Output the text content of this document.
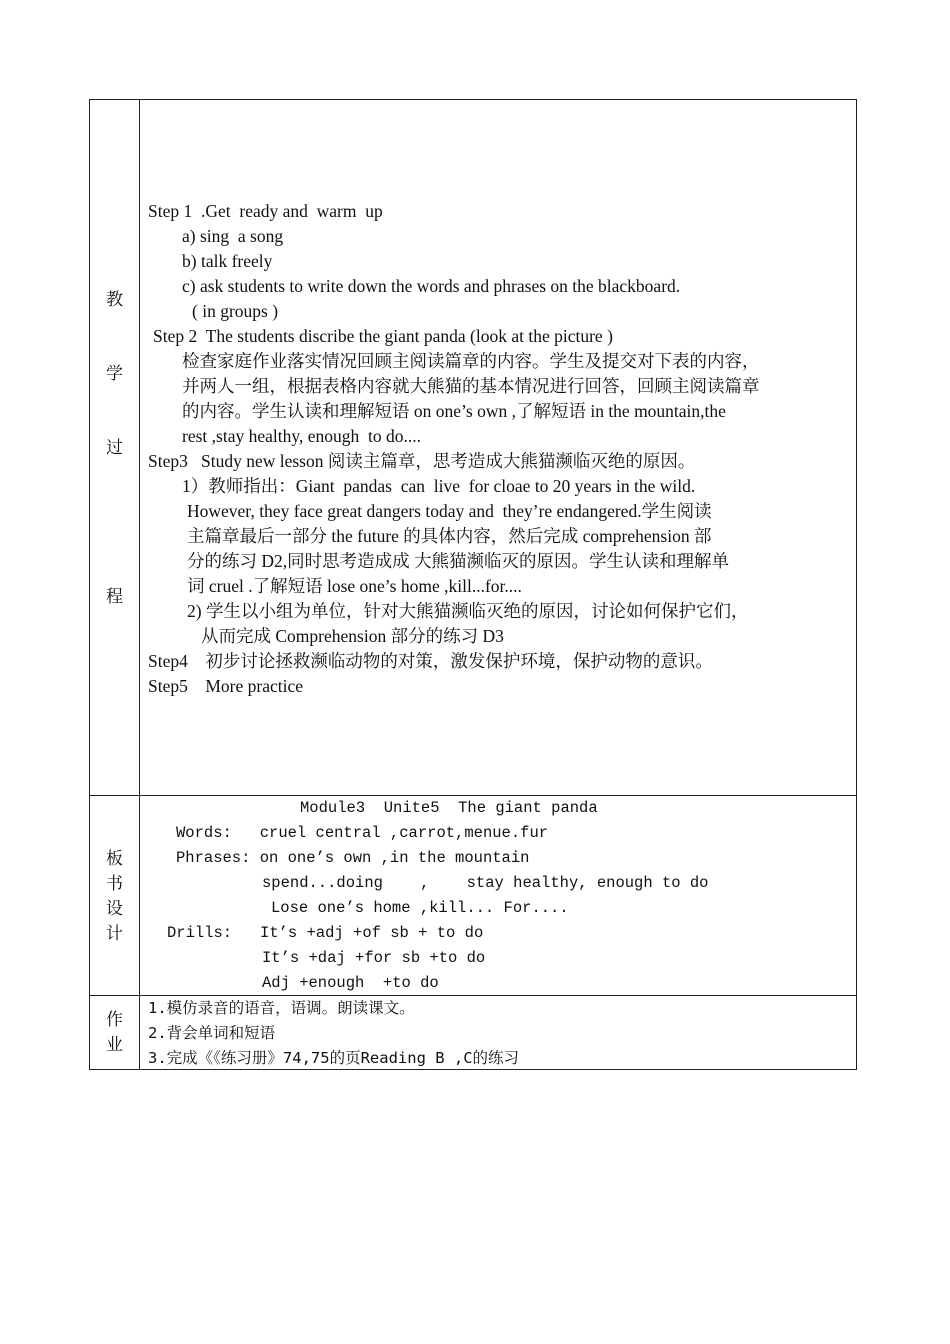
教
学
过
程
Step 1  .Get  ready and  warm  up
a) sing  a song
b) talk freely
c) ask students to write down the words and phrases on the blackboard.
( in groups )
Step 2  The students discribe the giant panda (look at the picture )
检查家庭作业落实情况回顾主阅读篇章的内容。学生及提交对下表的内容，
并两人一组，根据表格内容就大熊猫的基本情况进行回答，回顾主阅读篇章
的内容。学生认读和理解短语 on one’s own ,了解短语 in the mountain,the
rest ,stay healthy, enough  to do....
Step3   Study new lesson 阅读主篇章，思考造成大熊猫濒临灭绝的原因。
1）教师指出：Giant  pandas  can  live  for cloae to 20 years in the wild.
However, they face great dangers today and  they’re endangered.学生阅读
主篇章最后一部分 the future 的具体内容，然后完成 comprehension 部
分的练习 D2,同时思考造成成 大熊猫濒临灭的原因。学生认读和理解单
词 cruel .了解短语 lose one’s home ,kill...for....
2) 学生以小组为单位，针对大熊猫濒临灭绝的原因，讨论如何保护它们，
从而完成 Comprehension 部分的练习 D3
Step4    初步讨论拯救濒临动物的对策，激发保护环境，保护动物的意识。
Step5    More practice
板
书
设
计
Module3  Unite5  The giant panda
Words:   cruel central ,carrot,menue.fur
Phrases: on one’s own ,in the mountain
spend...doing    ,    stay healthy, enough to do
Lose one’s home ,kill... For....
Drills:   It’s +adj +of sb + to do
It’s +daj +for sb +to do
Adj +enough  +to do
作
业
1.模仿录音的语音，语调。朗读课文。
2.背会单词和短语
3.完成《《练习册》74,75的页Reading B ,C的练习
